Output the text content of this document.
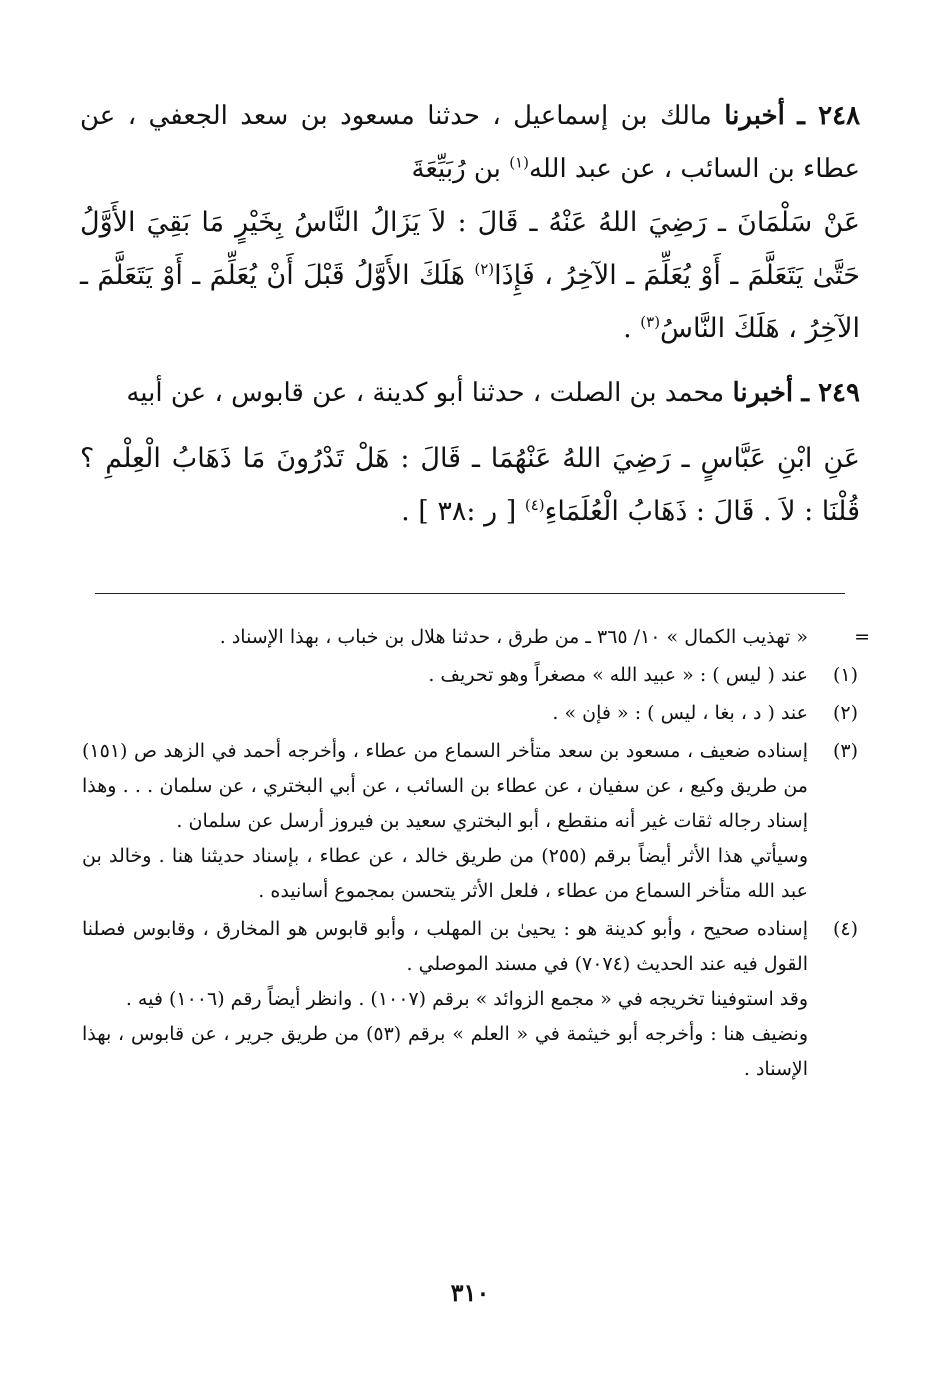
٢٤٨ ـ أخبرنا مالك بن إسماعيل ، حدثنا مسعود بن سعد الجعفي ، عن عطاء بن السائب ، عن عبد الله$^{(١)}$ بن رُبَيِّعَةَ

عَنْ سَلْمَانَ ـ رَضِيَ اللهُ عَنْهُ ـ قَالَ : لاَ يَزَالُ النَّاسُ بِخَيْرٍ مَا بَقِيَ الأَوَّلُ حَتَّىٰ يَتَعَلَّمَ ـ أَوْ يُعَلِّمَ ـ الآخِرُ ، فَإِذَا$^{(٢)}$ هَلَكَ الأَوَّلُ قَبْلَ أَنْ يُعَلِّمَ ـ أَوْ يَتَعَلَّمَ ـ الآخِرُ ، هَلَكَ النَّاسُ$^{(٣)}$ .

٢٤٩ ـ أخبرنا محمد بن الصلت ، حدثنا أبو كدينة ، عن قابوس ، عن أبيه

عَنِ ابْنِ عَبَّاسٍ ـ رَضِيَ اللهُ عَنْهُمَا ـ قَالَ : هَلْ تَدْرُونَ مَا ذَهَابُ الْعِلْمِ ؟ قُلْنَا : لاَ . قَالَ : ذَهَابُ الْعُلَمَاءِ$^{(٤)}$ [ ر :٣٨ ] .

=

« تهذيب الكمال » ١٠/ ٣٦٥ ـ من طرق ، حدثنا هلال بن خباب ، بهذا الإسناد .

(١)

عند ( ليس ) : « عبيد الله » مصغراً وهو تحريف .

(٢)

عند ( د ، بغا ، ليس ) : « فإن » .

(٣)

إسناده ضعيف ، مسعود بن سعد متأخر السماع من عطاء ، وأخرجه أحمد في الزهد ص (١٥١) من طريق وكيع ، عن سفيان ، عن عطاء بن السائب ، عن أبي البختري ، عن سلمان . . . وهذا إسناد رجاله ثقات غير أنه منقطع ، أبو البختري سعيد بن فيروز أرسل عن سلمان .

وسيأتي هذا الأثر أيضاً برقم (٢٥٥) من طريق خالد ، عن عطاء ، بإسناد حديثنا هنا . وخالد بن عبد الله متأخر السماع من عطاء ، فلعل الأثر يتحسن بمجموع أسانيده .

(٤)

إسناده صحيح ، وأبو كدينة هو : يحيىٰ بن المهلب ، وأبو قابوس هو المخارق ، وقابوس فصلنا القول فيه عند الحديث (٧٠٧٤) في مسند الموصلي .

وقد استوفينا تخريجه في « مجمع الزوائد » برقم (١٠٠٧) . وانظر أيضاً رقم (١٠٠٦) فيه .

ونضيف هنا : وأخرجه أبو خيثمة في « العلم » برقم (٥٣) من طريق جرير ، عن قابوس ، بهذا الإسناد .

٣١٠
